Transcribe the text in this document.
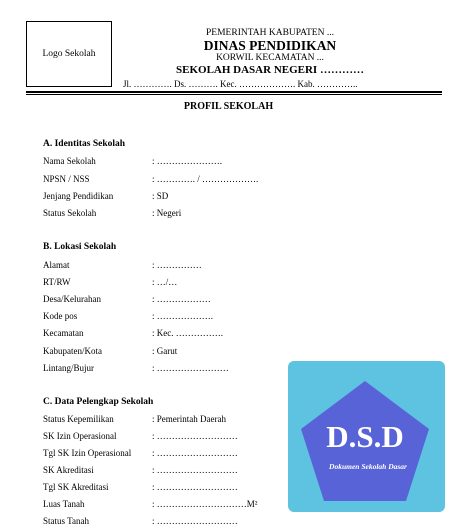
Logo Sekolah
PEMERINTAH KABUPATEN ...
DINAS PENDIDIKAN
KORWIL KECAMATAN ...
SEKOLAH DASAR NEGERI …………
Jl. …………. Ds. ………. Kec. ………………. Kab. …………..
PROFIL SEKOLAH
A. Identitas Sekolah
Nama Sekolah	: ………………….
NPSN / NSS	: …………. / ……………….
Jenjang Pendidikan	: SD
Status Sekolah	: Negeri
B. Lokasi Sekolah
Alamat	: ……………
RT/RW	: …/…
Desa/Kelurahan	: ………………
Kode pos	: ……………….
Kecamatan	: Kec. …………….
Kabupaten/Kota	: Garut
Lintang/Bujur	: ……………………
C. Data Pelengkap Sekolah
Status Kepemilikan	: Pemerintah Daerah
SK Izin Operasional	: ………………………
Tgl SK Izin Operasional : ………………………
SK Akreditasi	: ………………………
Tgl SK Akreditasi	: ………………………
Luas Tanah	: …………………………M²
Status Tanah	: ………………………
D.S.D
Dokumen Sekolah Dasar
